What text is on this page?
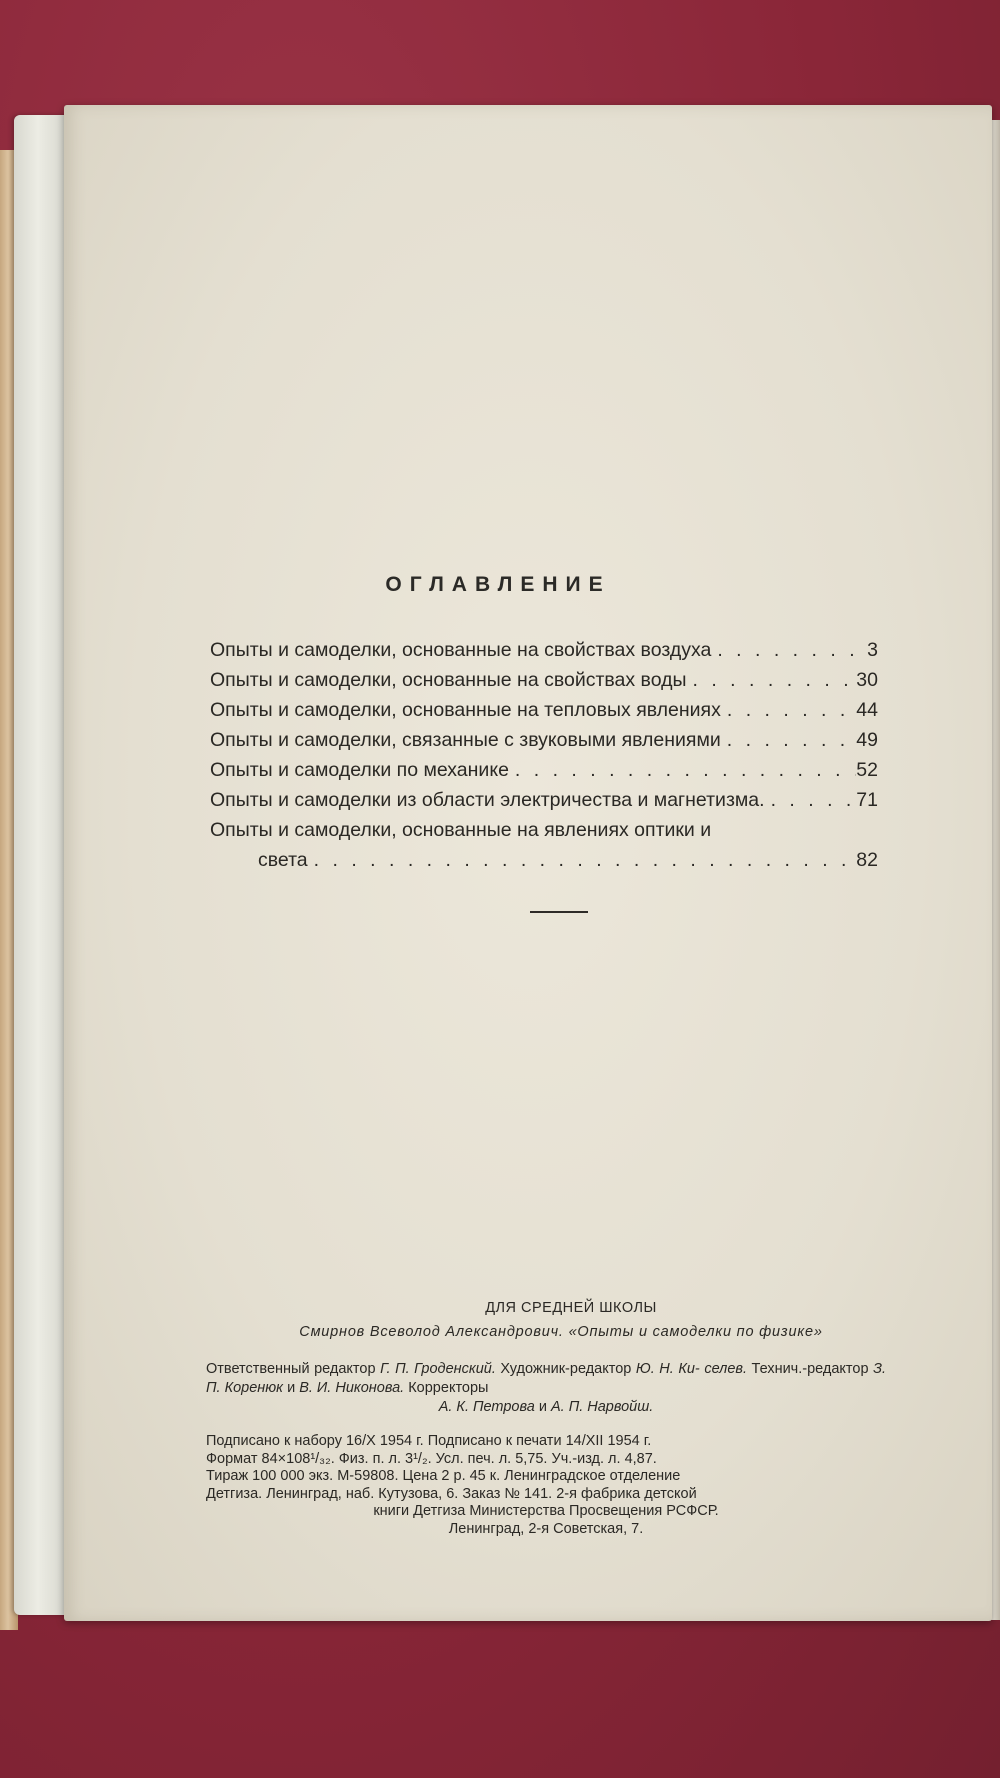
ОГЛАВЛЕНИЕ
Опыты и самоделки, основанные на свойствах воздуха . . .	3
Опыты и самоделки, основанные на свойствах воды . . .	30
Опыты и самоделки, основанные на тепловых явлениях . . .	44
Опыты и самоделки, связанные с звуковыми явлениями . . .	49
Опыты и самоделки по механике . . .	52
Опыты и самоделки из области электричества и магнетизма. . . .	71
Опыты и самоделки, основанные на явлениях оптики и
света . . .	82
ДЛЯ СРЕДНЕЙ ШКОЛЫ
Смирнов Всеволод Александрович. «Опыты и самоделки по физике»
Ответственный редактор Г. П. Гроденский. Художник-редактор Ю. Н. Ки- селев. Технич.-редактор З. П. Коренюк и В. И. Никонова. Корректоры
А. К. Петрова и А. П. Нарвойш.
Подписано к набору 16/Х 1954 г. Подписано к печати 14/ХII 1954 г.
Формат 84×108¹/₃₂. Физ. п. л. 3¹/₂. Усл. печ. л. 5,75. Уч.-изд. л. 4,87.
Тираж 100 000 экз. М-59808. Цена 2 р. 45 к. Ленинградское отделение
Детгиза. Ленинград, наб. Кутузова, 6. Заказ № 141. 2-я фабрика детской
книги Детгиза Министерства Просвещения РСФСР.
Ленинград, 2-я Советская, 7.
